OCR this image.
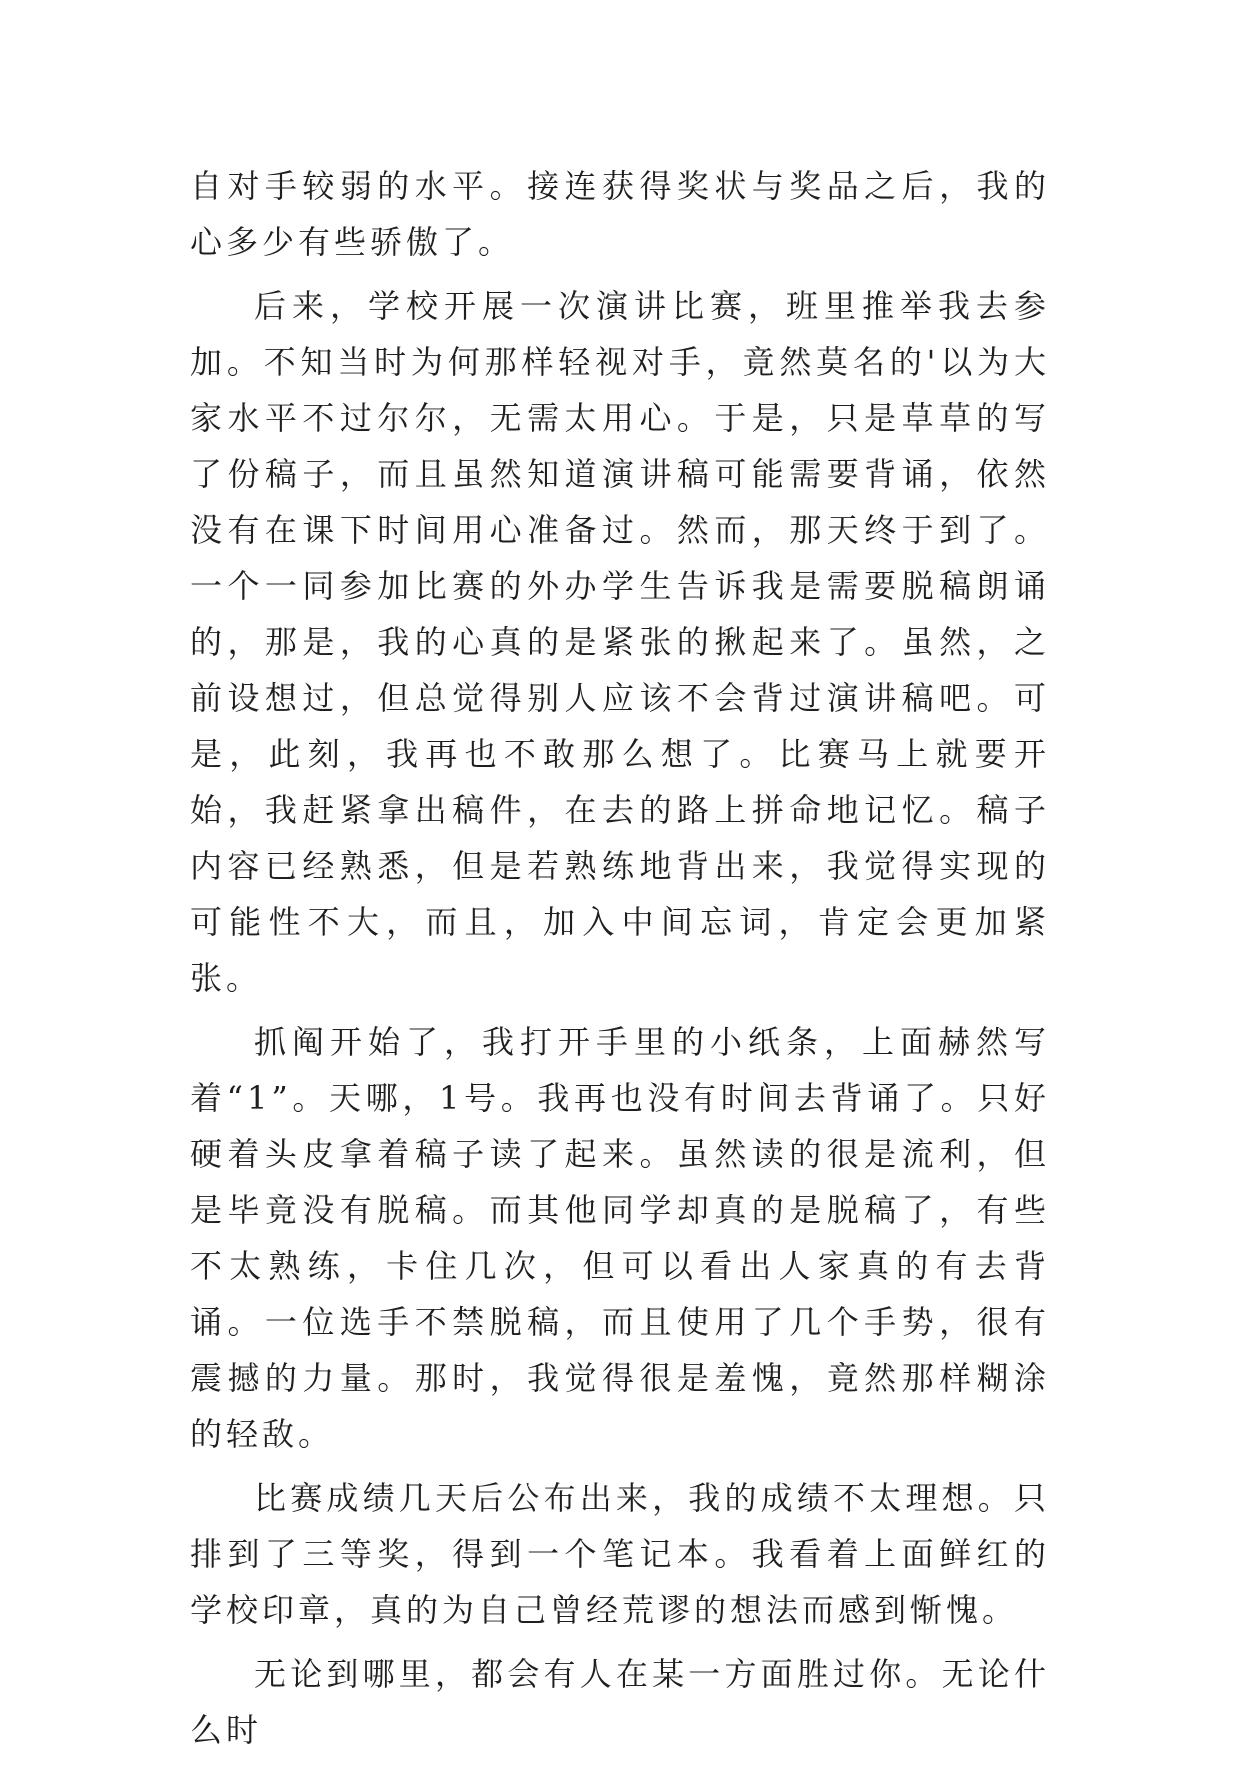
自对手较弱的水平。接连获得奖状与奖品之后，我的心多少有些骄傲了。

后来，学校开展一次演讲比赛，班里推举我去参加。不知当时为何那样轻视对手，竟然莫名的'以为大家水平不过尔尔，无需太用心。于是，只是草草的写了份稿子，而且虽然知道演讲稿可能需要背诵，依然没有在课下时间用心准备过。然而，那天终于到了。一个一同参加比赛的外办学生告诉我是需要脱稿朗诵的，那是，我的心真的是紧张的揪起来了。虽然，之前设想过，但总觉得别人应该不会背过演讲稿吧。可是，此刻，我再也不敢那么想了。比赛马上就要开始，我赶紧拿出稿件，在去的路上拼命地记忆。稿子内容已经熟悉，但是若熟练地背出来，我觉得实现的可能性不大，而且，加入中间忘词，肯定会更加紧张。

抓阄开始了，我打开手里的小纸条，上面赫然写着“1”。天哪，1号。我再也没有时间去背诵了。只好硬着头皮拿着稿子读了起来。虽然读的很是流利，但是毕竟没有脱稿。而其他同学却真的是脱稿了，有些不太熟练，卡住几次，但可以看出人家真的有去背诵。一位选手不禁脱稿，而且使用了几个手势，很有震撼的力量。那时，我觉得很是羞愧，竟然那样糊涂的轻敌。

比赛成绩几天后公布出来，我的成绩不太理想。只排到了三等奖，得到一个笔记本。我看着上面鲜红的学校印章，真的为自己曾经荒谬的想法而感到惭愧。

无论到哪里，都会有人在某一方面胜过你。无论什么时
